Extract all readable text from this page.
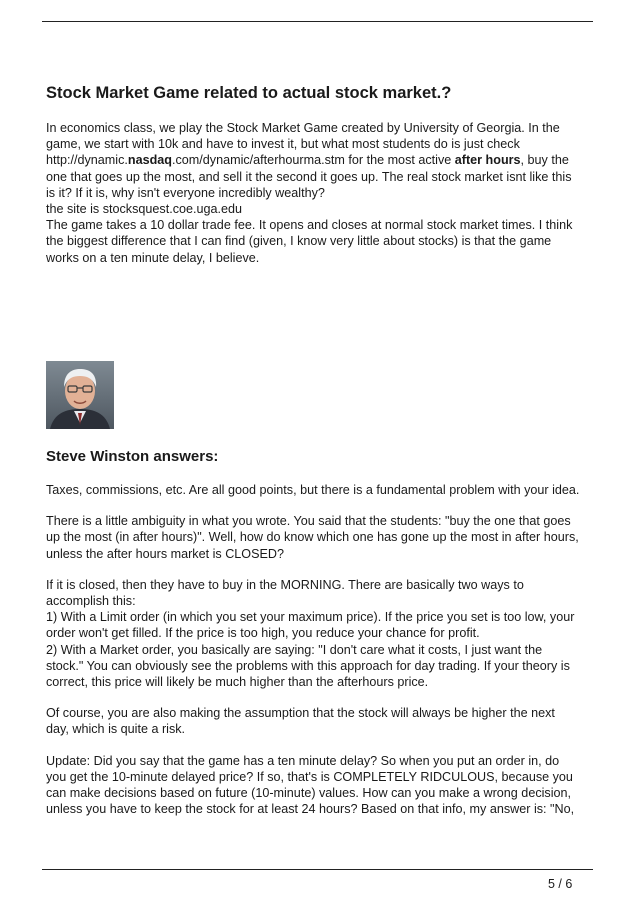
Stock Market Game related to actual stock market.?

In economics class, we play the Stock Market Game created by University of Georgia. In the

game, we start with 10k and have to invest it, but what most students do is just check

http://dynamic.nasdaq.com/dynamic/afterhourma.stm for the most active after hours, buy the

one that goes up the most, and sell it the second it goes up. The real stock market isnt like this

is it? If it is, why isn't everyone incredibly wealthy?

the site is stocksquest.coe.uga.edu

The game takes a 10 dollar trade fee. It opens and closes at normal stock market times. I think

the biggest difference that I can find (given, I know very little about stocks) is that the game

works on a ten minute delay, I believe.

Steve Winston answers:

Taxes, commissions, etc. Are all good points, but there is a fundamental problem with your idea.

There is a little ambiguity in what you wrote. You said that the students: "buy the one that goes
up the most (in after hours)". Well, how do know which one has gone up the most in after hours,
unless the after hours market is CLOSED?

If it is closed, then they have to buy in the MORNING. There are basically two ways to
accomplish this:
1) With a Limit order (in which you set your maximum price). If the price you set is too low, your
order won't get filled. If the price is too high, you reduce your chance for profit.
2) With a Market order, you basically are saying: "I don't care what it costs, I just want the
stock." You can obviously see the problems with this approach for day trading. If your theory is
correct, this price will likely be much higher than the afterhours price.

Of course, you are also making the assumption that the stock will always be higher the next
day, which is quite a risk.

Update: Did you say that the game has a ten minute delay? So when you put an order in, do
you get the 10-minute delayed price? If so, that's is COMPLETELY RIDCULOUS, because you
can make decisions based on future (10-minute) values. How can you make a wrong decision,
unless you have to keep the stock for at least 24 hours? Based on that info, my answer is: "No,

5 / 6
